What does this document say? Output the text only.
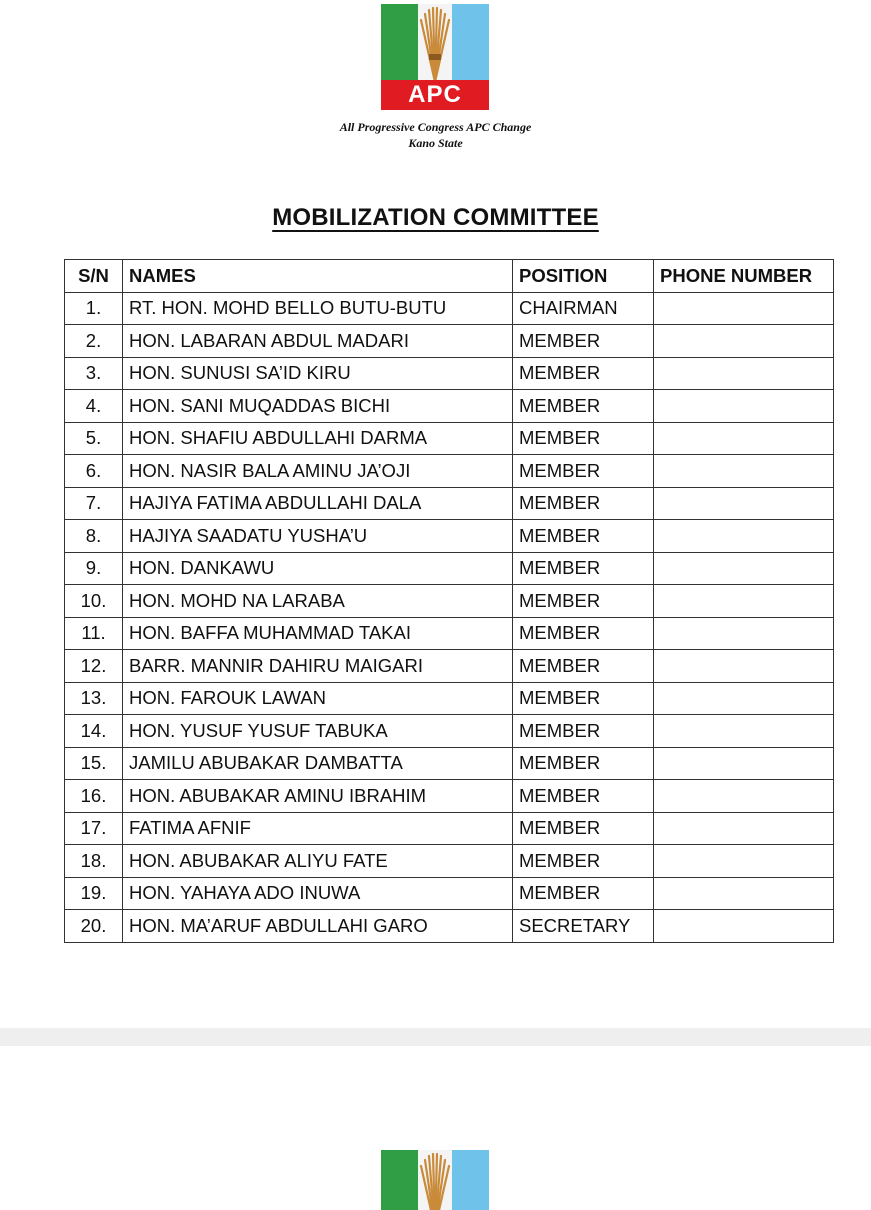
APC
All Progressive Congress APC Change
Kano State
MOBILIZATION COMMITTEE
S/N	NAMES	POSITION	PHONE NUMBER
1.	RT. HON. MOHD BELLO BUTU-BUTU	CHAIRMAN	
2.	HON. LABARAN ABDUL MADARI	MEMBER	
3.	HON. SUNUSI SA’ID KIRU	MEMBER	
4.	HON. SANI MUQADDAS BICHI	MEMBER	
5.	HON. SHAFIU ABDULLAHI DARMA	MEMBER	
6.	HON. NASIR BALA AMINU JA’OJI	MEMBER	
7.	HAJIYA FATIMA ABDULLAHI DALA	MEMBER	
8.	HAJIYA SAADATU YUSHA’U	MEMBER	
9.	HON. DANKAWU	MEMBER	
10.	HON. MOHD NA LARABA	MEMBER	
11.	HON. BAFFA MUHAMMAD TAKAI	MEMBER	
12.	BARR. MANNIR DAHIRU MAIGARI	MEMBER	
13.	HON. FAROUK LAWAN	MEMBER	
14.	HON. YUSUF YUSUF TABUKA	MEMBER	
15.	JAMILU ABUBAKAR DAMBATTA	MEMBER	
16.	HON. ABUBAKAR AMINU IBRAHIM	MEMBER	
17.	FATIMA AFNIF	MEMBER	
18.	HON. ABUBAKAR ALIYU FATE	MEMBER	
19.	HON. YAHAYA ADO INUWA	MEMBER	
20.	HON. MA’ARUF ABDULLAHI GARO	SECRETARY	
